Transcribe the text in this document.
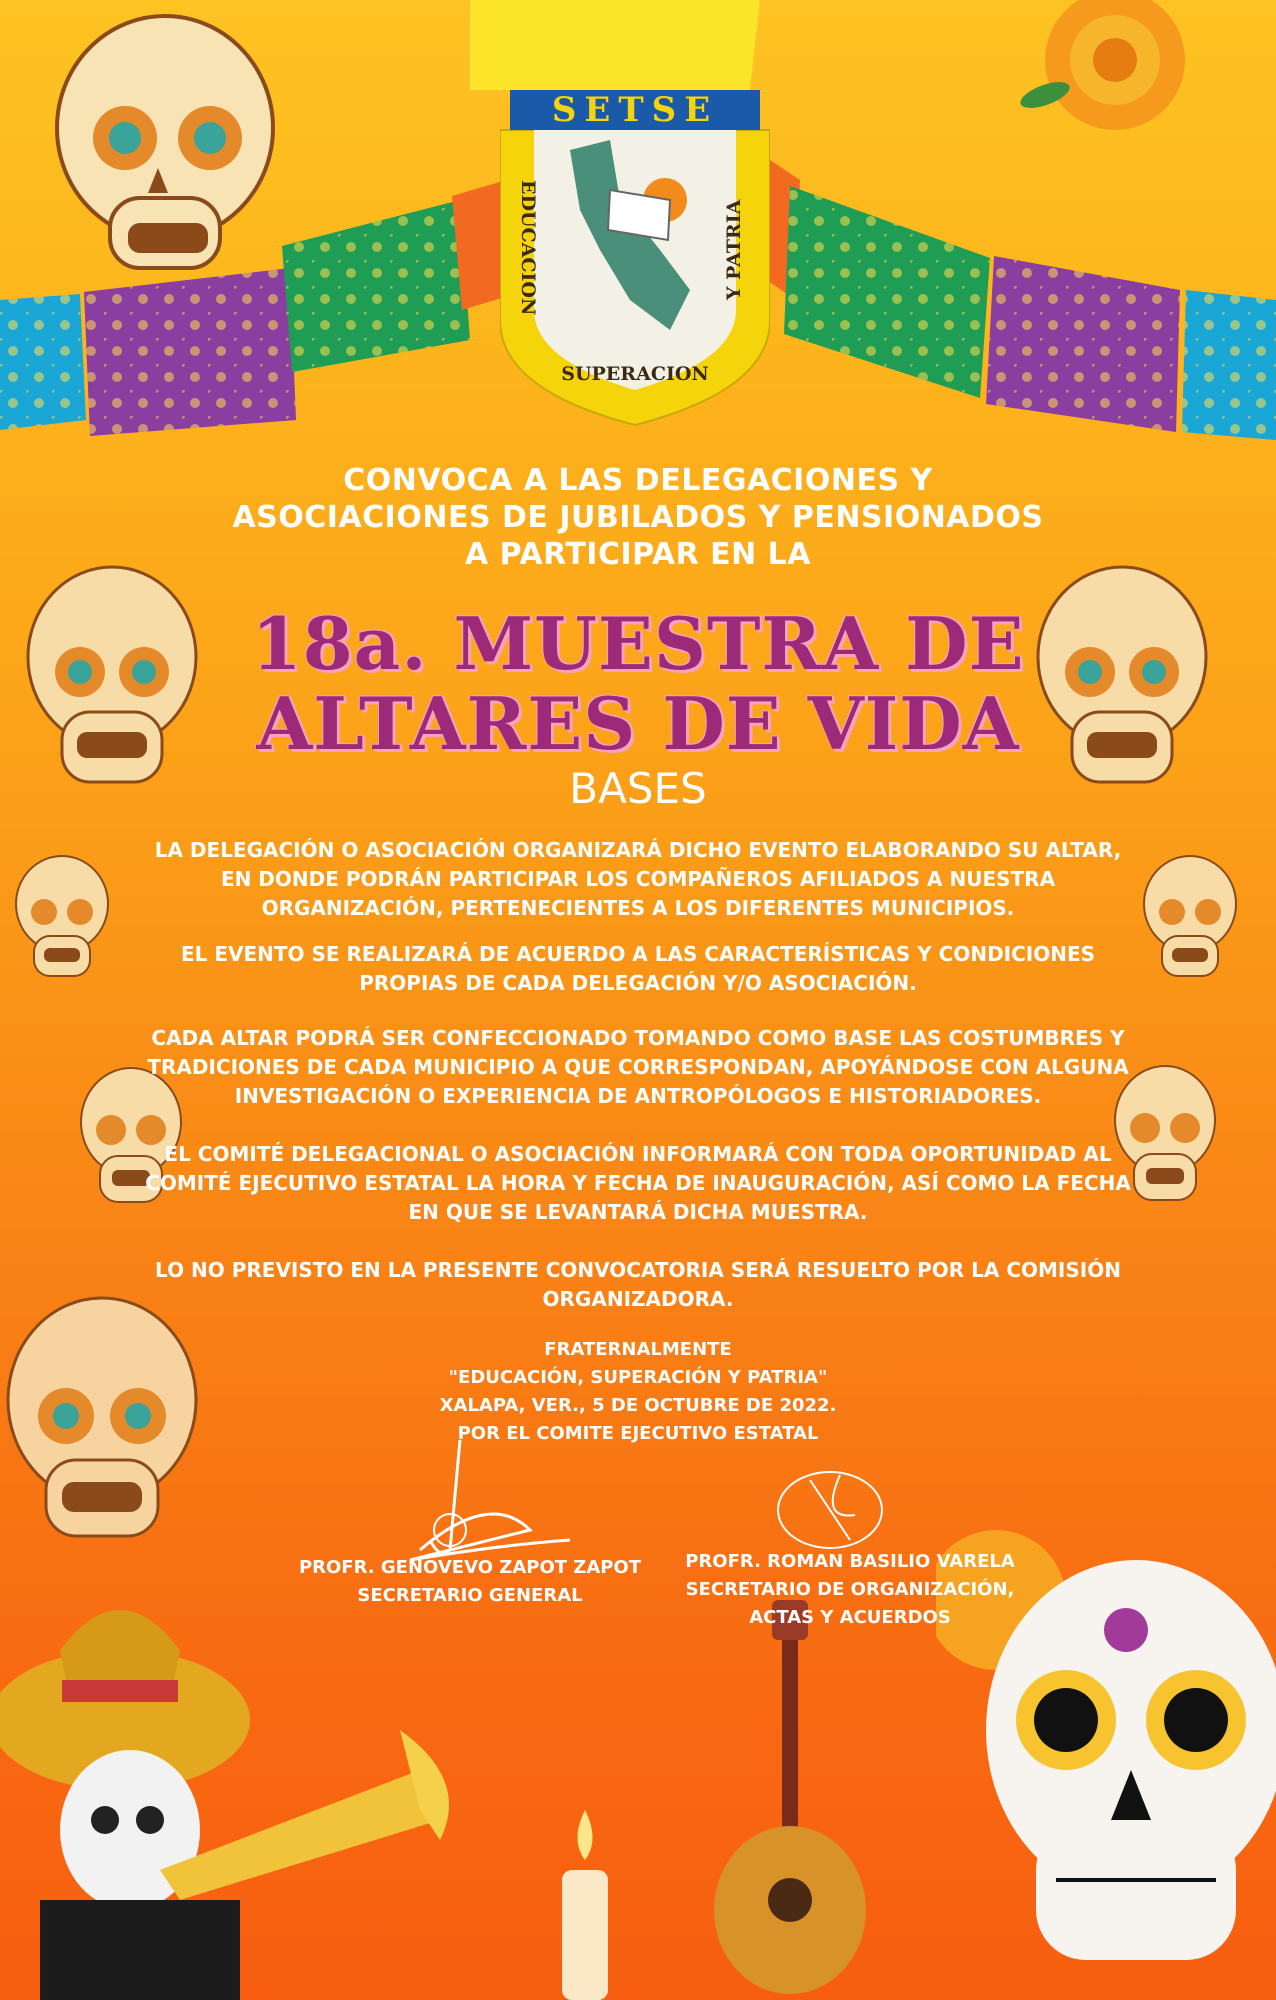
SETSE
EDUCACION	Y PATRIA
SUPERACION
CONVOCA A LAS DELEGACIONES Y
ASOCIACIONES DE JUBILADOS Y PENSIONADOS
A PARTICIPAR EN LA
18a. MUESTRA DE
ALTARES DE VIDA
BASES
LA DELEGACIÓN O ASOCIACIÓN ORGANIZARÁ DICHO EVENTO ELABORANDO SU ALTAR, EN DONDE PODRÁN PARTICIPAR LOS COMPAÑEROS AFILIADOS A NUESTRA ORGANIZACIÓN, PERTENECIENTES A LOS DIFERENTES MUNICIPIOS.
EL EVENTO SE REALIZARÁ DE ACUERDO A LAS CARACTERÍSTICAS Y CONDICIONES PROPIAS DE CADA DELEGACIÓN Y/O ASOCIACIÓN.
CADA ALTAR PODRÁ SER CONFECCIONADO TOMANDO COMO BASE LAS COSTUMBRES Y TRADICIONES DE CADA MUNICIPIO A QUE CORRESPONDAN, APOYÁNDOSE CON ALGUNA INVESTIGACIÓN O EXPERIENCIA DE ANTROPÓLOGOS E HISTORIADORES.
EL COMITÉ DELEGACIONAL O ASOCIACIÓN INFORMARÁ CON TODA OPORTUNIDAD AL COMITÉ EJECUTIVO ESTATAL LA HORA Y FECHA DE INAUGURACIÓN, ASÍ COMO LA FECHA EN QUE SE LEVANTARÁ DICHA MUESTRA.
LO NO PREVISTO EN LA PRESENTE CONVOCATORIA SERÁ RESUELTO POR LA COMISIÓN ORGANIZADORA.
FRATERNALMENTE
"EDUCACIÓN, SUPERACIÓN Y PATRIA"
XALAPA, VER., 5 DE OCTUBRE DE 2022.
POR EL COMITE EJECUTIVO ESTATAL
PROFR. GENOVEVO ZAPOT ZAPOT
SECRETARIO GENERAL
PROFR. ROMAN BASILIO VARELA
SECRETARIO DE ORGANIZACIÓN,
ACTAS Y ACUERDOS
